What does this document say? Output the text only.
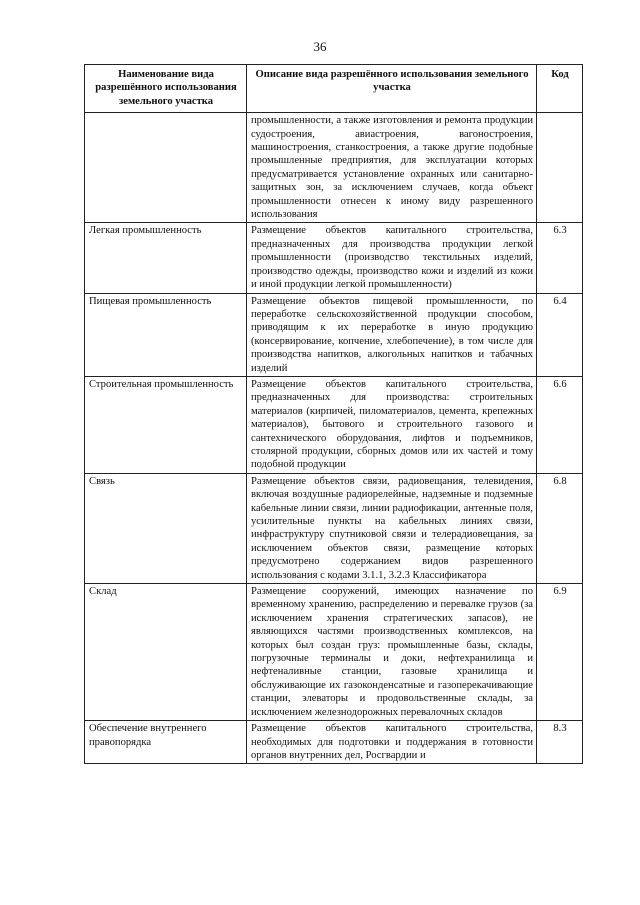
36
Наименование вида разрешённого использования земельного участка	Описание вида разрешённого использования земельного участка	Код
	промышленности, а также изготовления и ремонта продукции судостроения, авиастроения, вагоностроения, машиностроения, станкостроения, а также другие подобные промышленные предприятия, для эксплуатации которых предусматривается установление охранных или санитарно-защитных зон, за исключением случаев, когда объект промышленности отнесен к иному виду разрешенного использования	
Легкая промышленность	Размещение объектов капитального строительства, предназначенных для производства продукции легкой промышленности (производство текстильных изделий, производство одежды, производство кожи и изделий из кожи и иной продукции легкой промышленности)	6.3
Пищевая промышленность	Размещение объектов пищевой промышленности, по переработке сельскохозяйственной продукции способом, приводящим к их переработке в иную продукцию (консервирование, копчение, хлебопечение), в том числе для производства напитков, алкогольных напитков и табачных изделий	6.4
Строительная промышленность	Размещение объектов капитального строительства, предназначенных для производства: строительных материалов (кирпичей, пиломатериалов, цемента, крепежных материалов), бытового и строительного газового и сантехнического оборудования, лифтов и подъемников, столярной продукции, сборных домов или их частей и тому подобной продукции	6.6
Связь	Размещение объектов связи, радиовещания, телевидения, включая воздушные радиорелейные, надземные и подземные кабельные линии связи, линии радиофикации, антенные поля, усилительные пункты на кабельных линиях связи, инфраструктуру спутниковой связи и телерадиовещания, за исключением объектов связи, размещение которых предусмотрено содержанием видов разрешенного использования с кодами 3.1.1, 3.2.3 Классификатора	6.8
Склад	Размещение сооружений, имеющих назначение по временному хранению, распределению и перевалке грузов (за исключением хранения стратегических запасов), не являющихся частями производственных комплексов, на которых был создан груз: промышленные базы, склады, погрузочные терминалы и доки, нефтехранилища и нефтеналивные станции, газовые хранилища и обслуживающие их газоконденсатные и газоперекачивающие станции, элеваторы и продовольственные склады, за исключением железнодорожных перевалочных складов	6.9
Обеспечение внутреннего правопорядка	Размещение объектов капитального строительства, необходимых для подготовки и поддержания в готовности органов внутренних дел, Росгвардии и	8.3
